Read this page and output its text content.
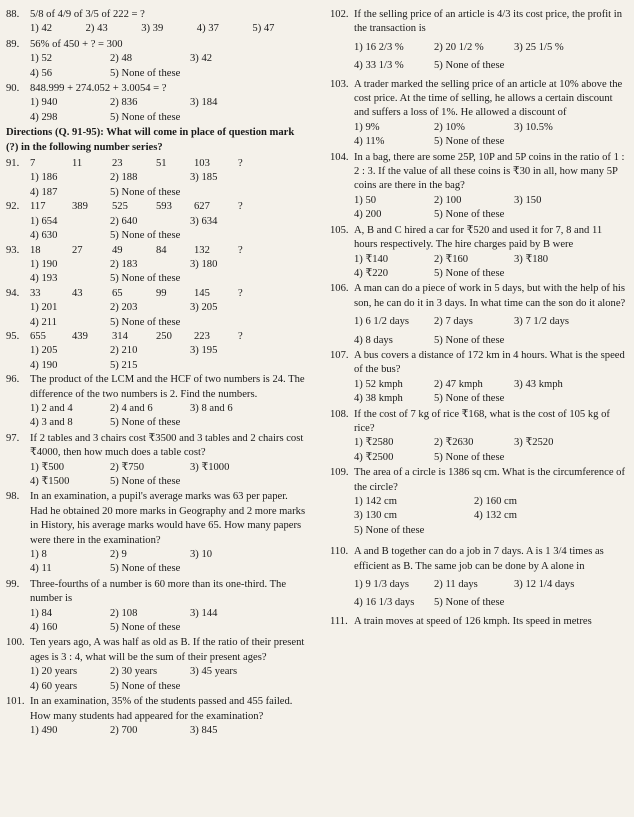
88. 5/8 of 4/9 of 3/5 of 222 = ?
1) 42	2) 43	3) 39	4) 37	5) 47
89. 56% of 450 + ? = 300
1) 52	2) 48	3) 42
4) 56	5) None of these
90. 848.999 + 274.052 + 3.0054 = ?
1) 940	2) 836	3) 184
4) 298	5) None of these
Directions (Q. 91-95): What will come in place of question mark (?) in the following number series?
91.	7	11	23	51	103	?
1) 186	2) 188	3) 185
4) 187	5) None of these
92.	117	389	525	593	627	?
1) 654	2) 640	3) 634
4) 630	5) None of these
93.	18	27	49	84	132	?
1) 190	2) 183	3) 180
4) 193	5) None of these
94.	33	43	65	99	145	?
1) 201	2) 203	3) 205
4) 211	5) None of these
95.	655	439	314	250	223	?
1) 205	2) 210	3) 195
4) 190	5) 215
96. The product of the LCM and the HCF of two numbers is 24. The difference of the two numbers is 2. Find the numbers.
1) 2 and 4	2) 4 and 6	3) 8 and 6
4) 3 and 8	5) None of these
97. If 2 tables and 3 chairs cost ₹3500 and 3 tables and 2 chairs cost ₹4000, then how much does a table cost?
1) ₹500	2) ₹750	3) ₹1000
4) ₹1500	5) None of these
98. In an examination, a pupil's average marks was 63 per paper. Had he obtained 20 more marks in Geography and 2 more marks in History, his average marks would have 65. How many papers were there in the examination?
1) 8	2) 9	3) 10
4) 11	5) None of these
99. Three-fourths of a number is 60 more than its one-third. The number is
1) 84	2) 108	3) 144
4) 160	5) None of these
100. Ten years ago, A was half as old as B. If the ratio of their present ages is 3 : 4, what will be the sum of their present ages?
1) 20 years	2) 30 years	3) 45 years
4) 60 years	5) None of these
101. In an examination, 35% of the students passed and 455 failed. How many students had appeared for the examination?
1) 490	2) 700	3) 845
102. If the selling price of an article is 4/3 its cost price, the profit in the transaction is
1) 16 2/3 %	2) 20 1/2 %	3) 25 1/5 %
4) 33 1/3 %	5) None of these
103. A trader marked the selling price of an article at 10% above the cost price. At the time of selling, he allows a certain discount and suffers a loss of 1%. He allowed a discount of
1) 9%	2) 10%	3) 10.5%
4) 11%	5) None of these
104. In a bag, there are some 25P, 10P and 5P coins in the ratio of 1 : 2 : 3. If the value of all these coins is ₹30 in all, how many 5P coins are there in the bag?
1) 50	2) 100	3) 150
4) 200	5) None of these
105. A, B and C hired a car for ₹520 and used it for 7, 8 and 11 hours respectively. The hire charges paid by B were
1) ₹140	2) ₹160	3) ₹180
4) ₹220	5) None of these
106. A man can do a piece of work in 5 days, but with the help of his son, he can do it in 3 days. In what time can the son do it alone?
1) 6 1/2 days	2) 7 days	3) 7 1/2 days
4) 8 days	5) None of these
107. A bus covers a distance of 172 km in 4 hours. What is the speed of the bus?
1) 52 kmph	2) 47 kmph	3) 43 kmph
4) 38 kmph	5) None of these
108. If the cost of 7 kg of rice ₹168, what is the cost of 105 kg of rice?
1) ₹2580	2) ₹2630	3) ₹2520
4) ₹2500	5) None of these
109. The area of a circle is 1386 sq cm. What is the circumference of the circle?
1) 142 cm	2) 160 cm
3) 130 cm	4) 132 cm
5) None of these
110. A and B together can do a job in 7 days. A is 1 3/4 times as efficient as B. The same job can be done by A alone in
1) 9 1/3 days	2) 11 days	3) 12 1/4 days
4) 16 1/3 days	5) None of these
111. A train moves at speed of 126 kmph. Its speed in metres
